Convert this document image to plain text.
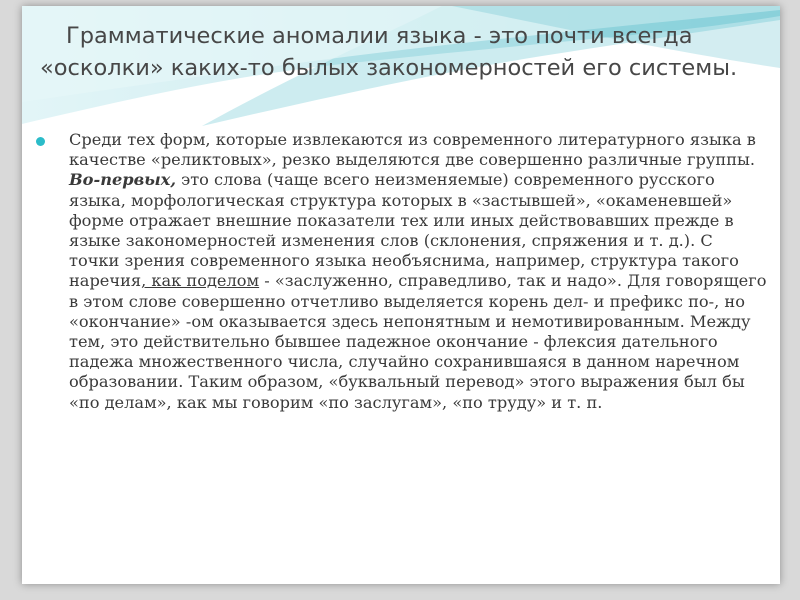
Грамматические аномалии языка - это почти всегда «осколки» каких-то былых закономерностей его системы.

Среди тех форм, которые извлекаются из современного литературного языка в качестве «реликтовых», резко выделяются две совершенно различные группы. Во-первых, это слова (чаще всего неизменяемые) современного русского языка, морфологическая структура которых в «застывшей», «окаменевшей» форме отражает внешние показатели тех или иных действовавших прежде в языке закономерностей изменения слов (склонения, спряжения и т. д.). С точки зрения современного языка необъяснима, например, структура такого наречия, как поделом - «заслуженно, справедливо, так и надо». Для говорящего в этом слове совершенно отчетливо выделяется корень дел- и префикс по-, но «окончание» -ом оказывается здесь непонятным и немотивированным. Между тем, это действительно бывшее падежное окончание - флексия дательного падежа множественного числа, случайно сохранившаяся в данном наречном образовании. Таким образом, «буквальный перевод» этого выражения был бы «по делам», как мы говорим «по заслугам», «по труду» и т. п.
